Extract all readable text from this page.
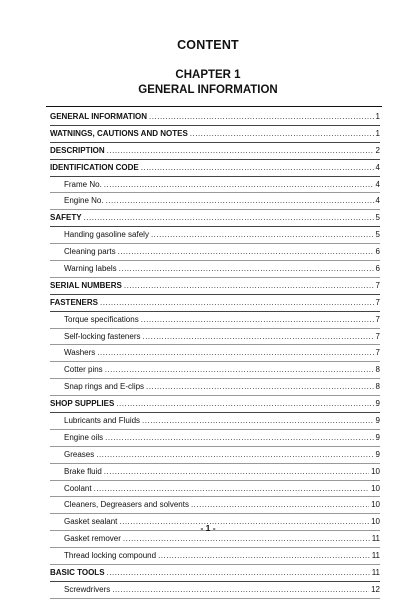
CONTENT
CHAPTER 1
GENERAL INFORMATION
GENERAL INFORMATION .....	1
WATNINGS, CAUTIONS AND NOTES .....	1
DESCRIPTION .....	2
IDENTIFICATION CODE .....	4
Frame No. .....	4
Engine No. .....	4
SAFETY .....	5
Handing gasoline safely .....	5
Cleaning parts .....	6
Warning labels .....	6
SERIAL NUMBERS .....	7
FASTENERS .....	7
Torque specifications .....	7
Self-locking fasteners .....	7
Washers .....	7
Cotter pins .....	8
Snap rings and E-clips .....	8
SHOP SUPPLIES .....	9
Lubricants and Fluids .....	9
Engine oils .....	9
Greases .....	9
Brake fluid .....	10
Coolant .....	10
Cleaners, Degreasers and solvents .....	10
Gasket sealant .....	10
Gasket remover .....	11
Thread locking compound .....	11
BASIC TOOLS .....	11
Screwdrivers .....	12
- 1 -
